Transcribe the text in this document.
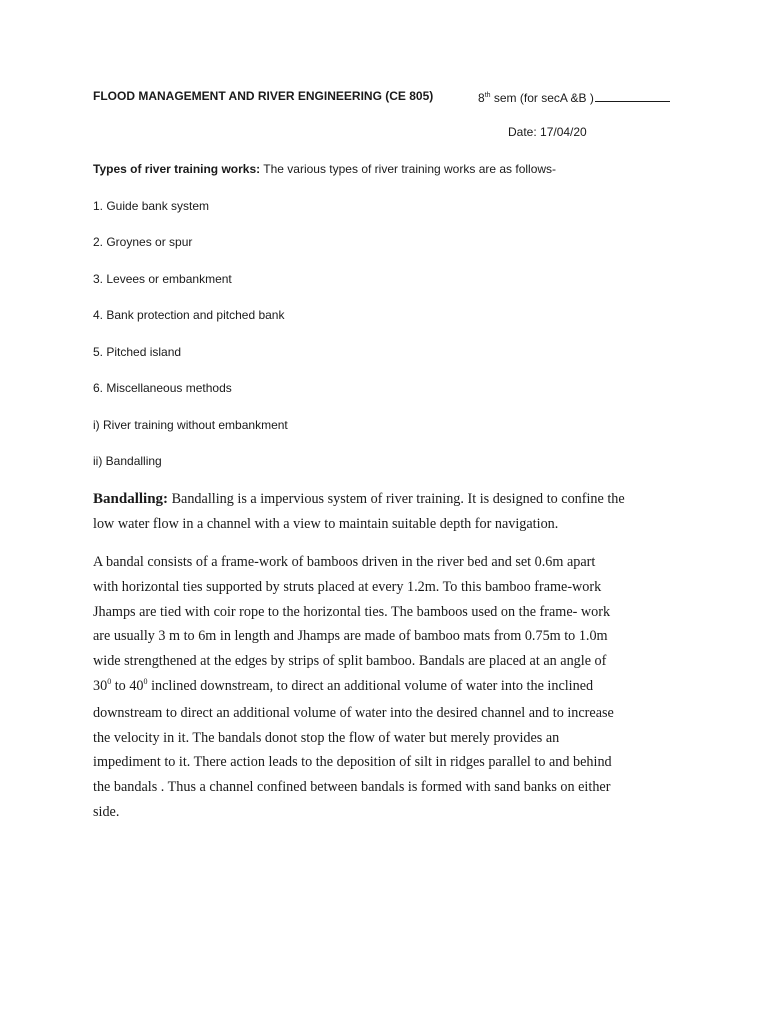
FLOOD MANAGEMENT AND RIVER ENGINEERING (CE 805)	8th sem (for secA &B )
Date: 17/04/20
Types of river training works: The various types of river training works are as follows-
1. Guide bank system
2. Groynes or spur
3. Levees or embankment
4. Bank protection and pitched bank
5. Pitched island
6. Miscellaneous methods
i) River training without embankment
ii) Bandalling
Bandalling: Bandalling is a impervious system of river training. It is designed to confine the
low water flow in a channel with a view to maintain suitable depth for navigation.
A bandal consists of a frame-work of bamboos driven in the river bed and set 0.6m apart
with horizontal ties supported by struts placed at every 1.2m. To this bamboo frame-work
Jhamps are tied with coir rope to the horizontal ties. The bamboos used on the frame- work
are usually 3 m to 6m in length and Jhamps are made of bamboo mats from 0.75m to 1.0m
wide strengthened at the edges by strips of split bamboo. Bandals are placed at an angle of
$30^0$ to $40^0$ inclined downstream, to direct an additional volume of water into the inclined
downstream to direct an additional volume of water into the desired channel and to increase
the velocity in it. The bandals donot stop the flow of water but merely provides an
impediment to it. There action leads to the deposition of silt in ridges parallel to and behind
the bandals . Thus a channel confined between bandals is formed with sand banks on either
side.
